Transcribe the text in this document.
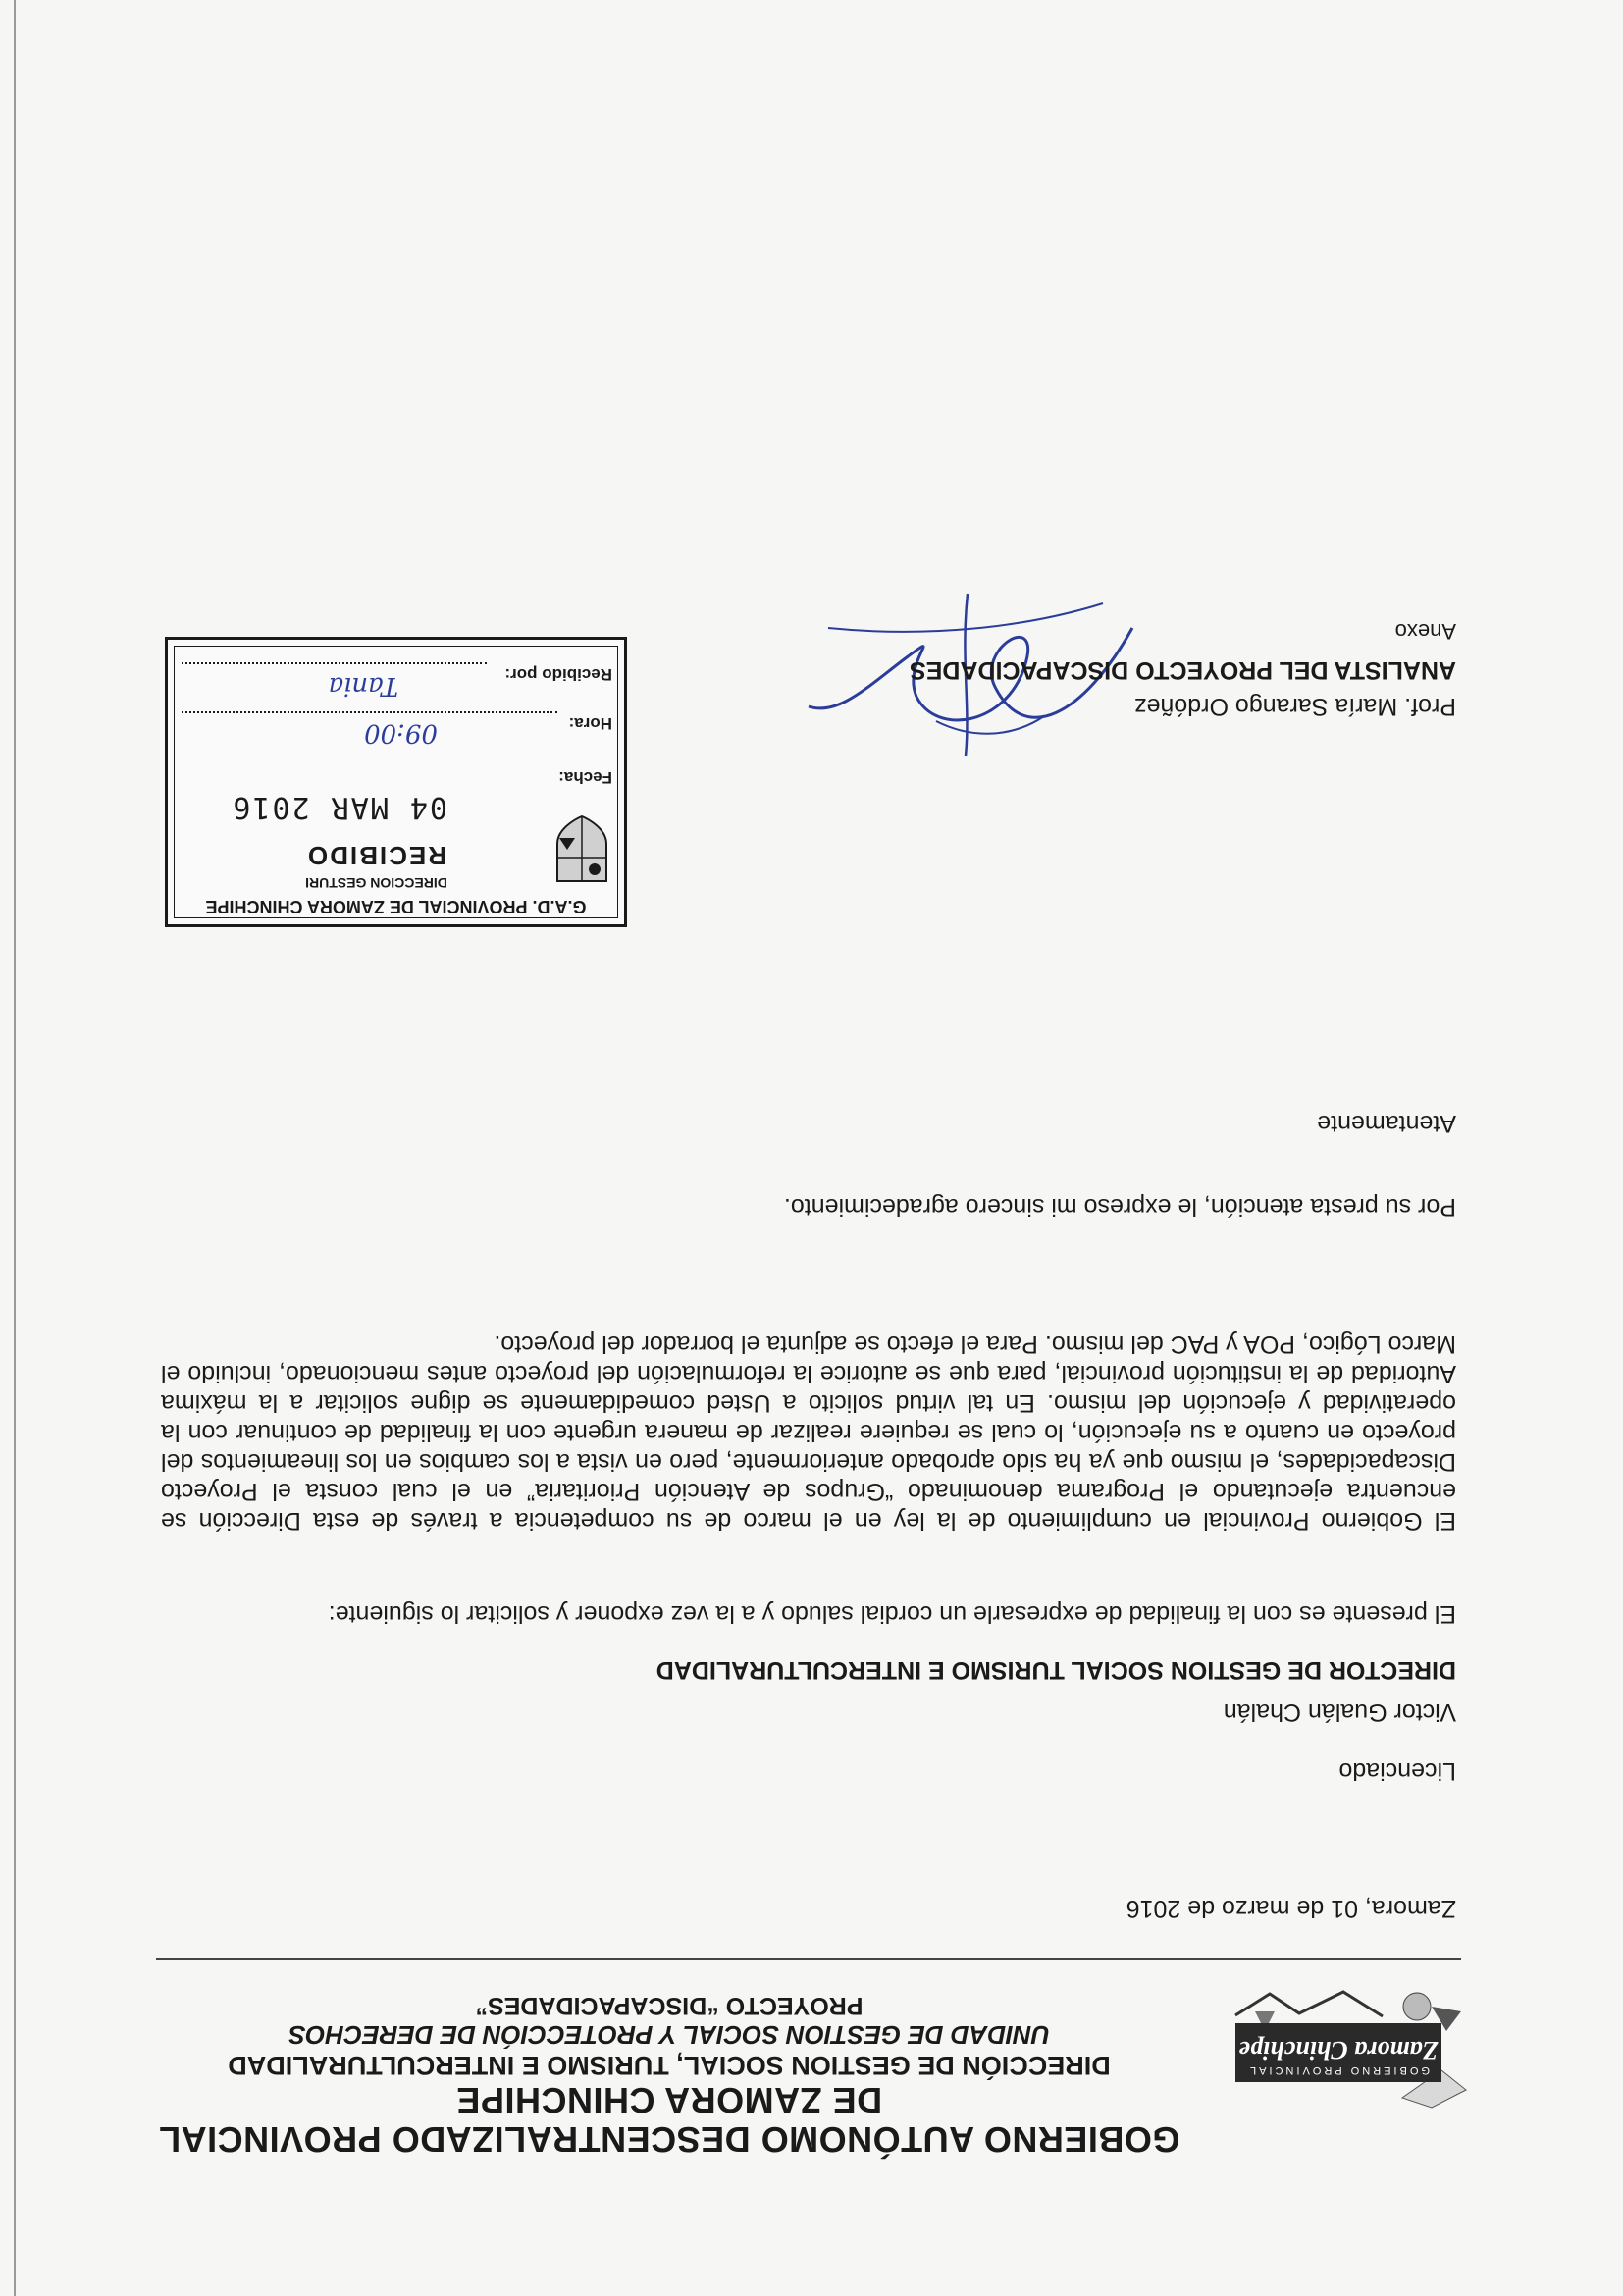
GOBIERNO PROVINCIAL
Zamora Chinchipe
GOBIERNO AUTÓNOMO DESCENTRALIZADO PROVINCIAL
DE ZAMORA CHINCHIPE
DIRECCIÓN DE GESTION SOCIAL, TURISMO E INTERCULTURALIDAD
UNIDAD DE GESTION SOCIAL Y PROTECCIÓN DE DERECHOS
PROYECTO “DISCAPACIDADES”
Zamora, 01 de marzo de 2016
Licenciado
Victor Gualán Chalán
DIRECTOR DE GESTION SOCIAL TURISMO E INTERCULTURALIDAD
El presente es con la finalidad de expresarle un cordial saludo y a la vez exponer y solicitar lo siguiente:
El Gobierno Provincial en cumplimiento de la ley en el marco de su competencia a través de esta Dirección se encuentra ejecutando el Programa denominado “Grupos de Atención Prioritaria” en el cual consta el Proyecto Discapacidades, el mismo que ya ha sido aprobado anteriormente, pero en vista a los cambios en los lineamientos del proyecto en cuanto a su ejecución, lo cual se requiere realizar de manera urgente con la finalidad de continuar con la operatividad y ejecución del mismo. En tal virtud solicito a Usted comedidamente se digne solicitar a la máxima Autoridad de la institución provincial, para que se autorice la reformulación del proyecto antes mencionado, incluido el Marco Lógico, POA y PAC del mismo. Para el efecto se adjunta el borrador del proyecto.
Por su presta atención, le expreso mi sincero agradecimiento.
Atentamente
Prof. María Sarango Ordóñez
ANALISTA DEL PROYECTO DISCAPACIDADES
Anexo
G.A.D. PROVINCIAL DE ZAMORA CHINCHIPE
DIRECCION GESTURI
RECIBIDO
Fecha:
04 MAR 2016
Hora:
09:00
Recibido por:
Tania
